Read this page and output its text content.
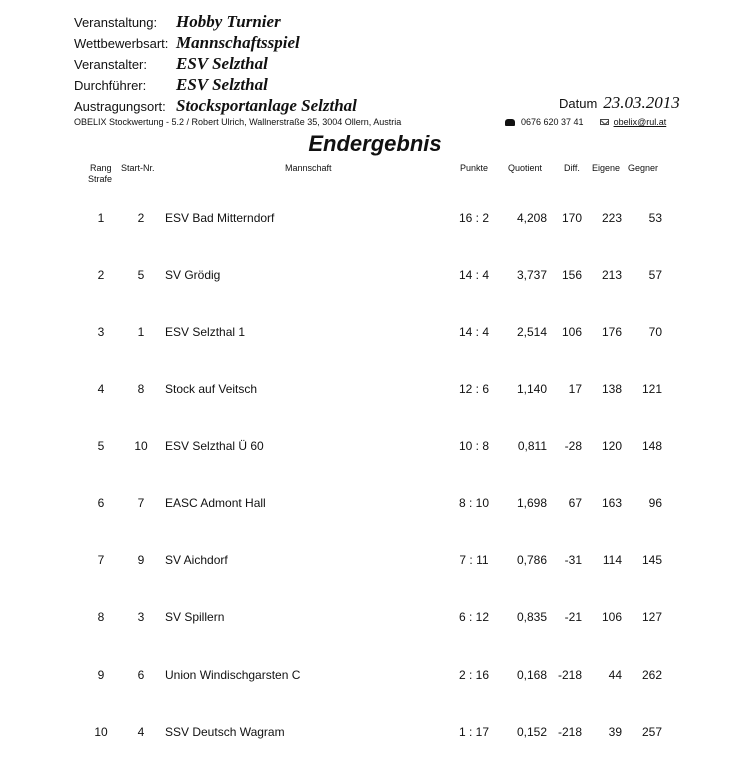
Veranstaltung:	Hobby Turnier
Wettbewerbsart: Mannschaftsspiel
Veranstalter:	ESV Selzthal
Durchführer:	ESV Selzthal
Austragungsort: Stocksportanlage Selzthal	Datum 23.03.2013
OBELIX Stockwertung - 5.2 / Robert Ulrich, Wallnerstraße 35, 3004 Ollern, Austria	0676 620 37 41	obelix@rul.at
Endergebnis
Rang
Strafe
Start-Nr.	Mannschaft	Punkte Quotient Diff. Eigene Gegner
1	2	ESV Bad Mitterndorf	16 : 2	4,208	170	223	53
2	5	SV Grödig	14 : 4	3,737	156	213	57
3	1	ESV Selzthal 1	14 : 4	2,514	106	176	70
4	8	Stock auf Veitsch	12 : 6	1,140	17	138	121
5	10	ESV Selzthal Ü 60	10 : 8	0,811	-28	120	148
6	7	EASC Admont Hall	8 : 10	1,698	67	163	96
7	9	SV Aichdorf	7 : 11	0,786	-31	114	145
8	3	SV Spillern	6 : 12	0,835	-21	106	127
9	6	Union Windischgarsten C	2 : 16	0,168 -218	44	262
10	4	SSV Deutsch Wagram	1 : 17	0,152 -218	39	257
